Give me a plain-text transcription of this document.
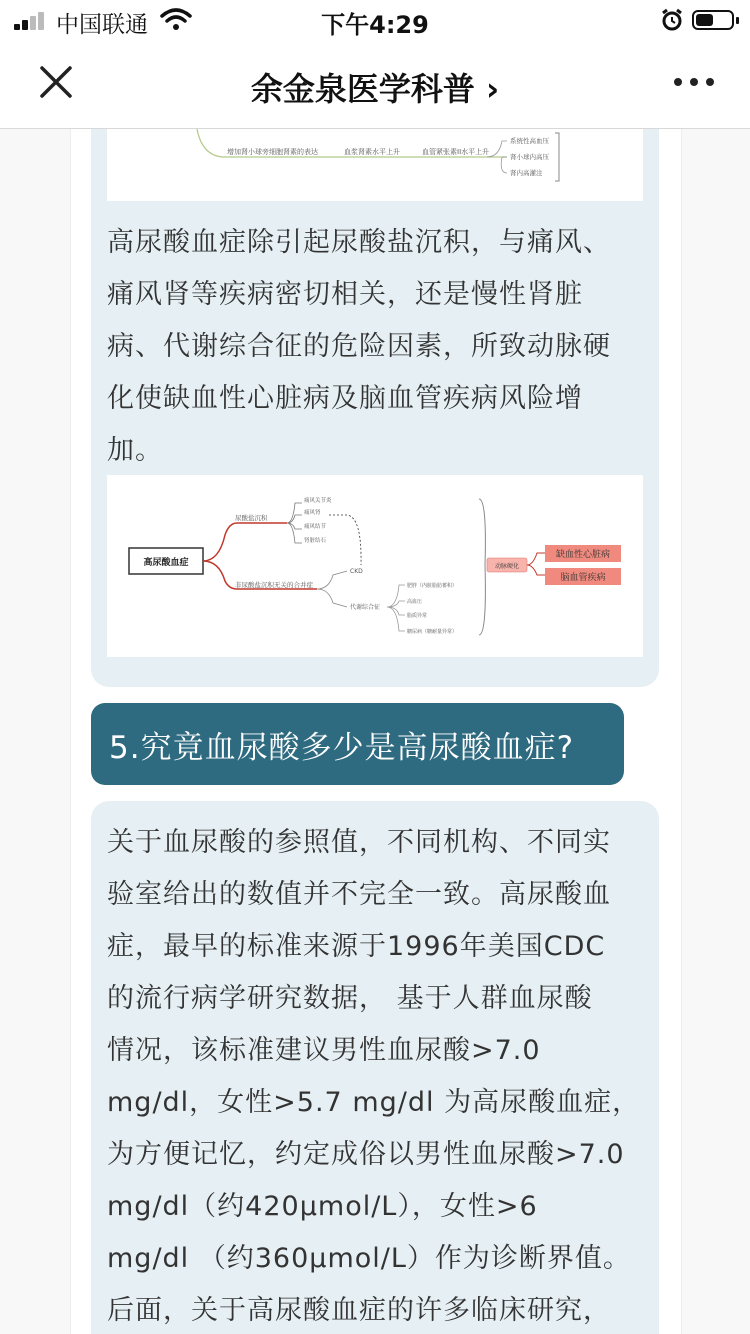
中国联通	下午4:29
余金泉医学科普 ›
增加肾小球旁细胞肾素的表达	血浆肾素水平上升	血管紧张素II水平上升
系统性高血压
肾小球内高压
肾内高灌注
高尿酸血症除引起尿酸盐沉积，与痛风、
痛风肾等疾病密切相关，还是慢性肾脏
病、代谢综合征的危险因素，所致动脉硬
化使缺血性心脏病及脑血管疾病风险增
加。
高尿酸血症
尿酸盐沉积
痛风关节炎
痛风肾
痛风结节
肾脏结石
非尿酸盐沉积无关的合并症
CKD
代谢综合征
肥胖（内脏脂肪蓄积）
高血压
脂质异常
糖尿病（糖耐量异常）
动脉硬化
缺血性心脏病
脑血管疾病
5.究竟血尿酸多少是高尿酸血症?
关于血尿酸的参照值，不同机构、不同实
验室给出的数值并不完全一致。高尿酸血
症，最早的标准来源于1996年美国CDC
的流行病学研究数据， 基于人群血尿酸
情况，该标准建议男性血尿酸>7.0
mg/dl，女性>5.7 mg/dl 为高尿酸血症，
为方便记忆，约定成俗以男性血尿酸>7.0
mg/dl（约420μmol/L），女性>6
mg/dl （约360μmol/L）作为诊断界值。
后面，关于高尿酸血症的许多临床研究，
